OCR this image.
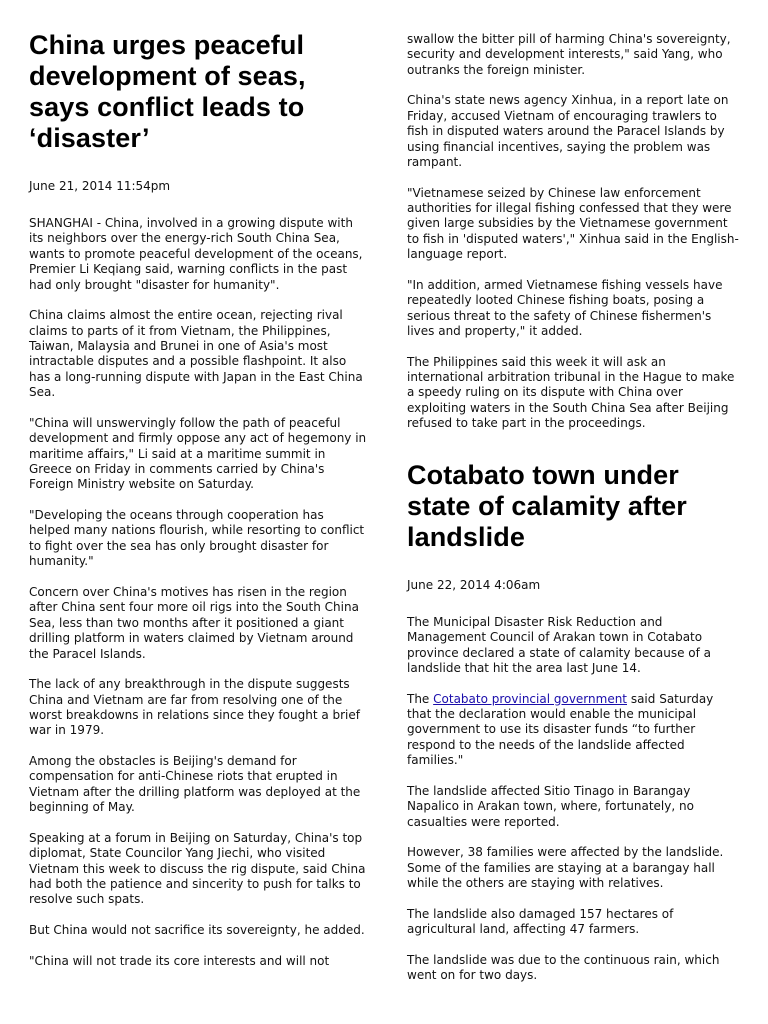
China urges peaceful development of seas, says conflict leads to ‘disaster’

June 21, 2014 11:54pm

SHANGHAI - China, involved in a growing dispute with its neighbors over the energy-rich South China Sea, wants to promote peaceful development of the oceans, Premier Li Keqiang said, warning conflicts in the past had only brought "disaster for humanity".

China claims almost the entire ocean, rejecting rival claims to parts of it from Vietnam, the Philippines, Taiwan, Malaysia and Brunei in one of Asia's most intractable disputes and a possible flashpoint. It also has a long-running dispute with Japan in the East China Sea.

"China will unswervingly follow the path of peaceful development and firmly oppose any act of hegemony in maritime affairs," Li said at a maritime summit in Greece on Friday in comments carried by China's Foreign Ministry website on Saturday.

"Developing the oceans through cooperation has helped many nations flourish, while resorting to conflict to fight over the sea has only brought disaster for humanity."

Concern over China's motives has risen in the region after China sent four more oil rigs into the South China Sea, less than two months after it positioned a giant drilling platform in waters claimed by Vietnam around the Paracel Islands.

The lack of any breakthrough in the dispute suggests China and Vietnam are far from resolving one of the worst breakdowns in relations since they fought a brief war in 1979.

Among the obstacles is Beijing's demand for compensation for anti-Chinese riots that erupted in Vietnam after the drilling platform was deployed at the beginning of May.

Speaking at a forum in Beijing on Saturday, China's top diplomat, State Councilor Yang Jiechi, who visited Vietnam this week to discuss the rig dispute, said China had both the patience and sincerity to push for talks to resolve such spats.

But China would not sacrifice its sovereignty, he added.

"China will not trade its core interests and will not

swallow the bitter pill of harming China's sovereignty, security and development interests," said Yang, who outranks the foreign minister.

China's state news agency Xinhua, in a report late on Friday, accused Vietnam of encouraging trawlers to fish in disputed waters around the Paracel Islands by using financial incentives, saying the problem was rampant.

"Vietnamese seized by Chinese law enforcement authorities for illegal fishing confessed that they were given large subsidies by the Vietnamese government to fish in 'disputed waters'," Xinhua said in the English-language report.

"In addition, armed Vietnamese fishing vessels have repeatedly looted Chinese fishing boats, posing a serious threat to the safety of Chinese fishermen's lives and property," it added.

The Philippines said this week it will ask an international arbitration tribunal in the Hague to make a speedy ruling on its dispute with China over exploiting waters in the South China Sea after Beijing refused to take part in the proceedings.

Cotabato town under state of calamity after landslide

June 22, 2014 4:06am

The Municipal Disaster Risk Reduction and Management Council of Arakan town in Cotabato province declared a state of calamity because of a landslide that hit the area last June 14.

The Cotabato provincial government said Saturday that the declaration would enable the municipal government to use its disaster funds “to further respond to the needs of the landslide affected families."

The landslide affected Sitio Tinago in Barangay Napalico in Arakan town, where, fortunately, no casualties were reported.

However, 38 families were affected by the landslide. Some of the families are staying at a barangay hall while the others are staying with relatives.

The landslide also damaged 157 hectares of agricultural land, affecting 47 farmers.

The landslide was due to the continuous rain, which went on for two days.
